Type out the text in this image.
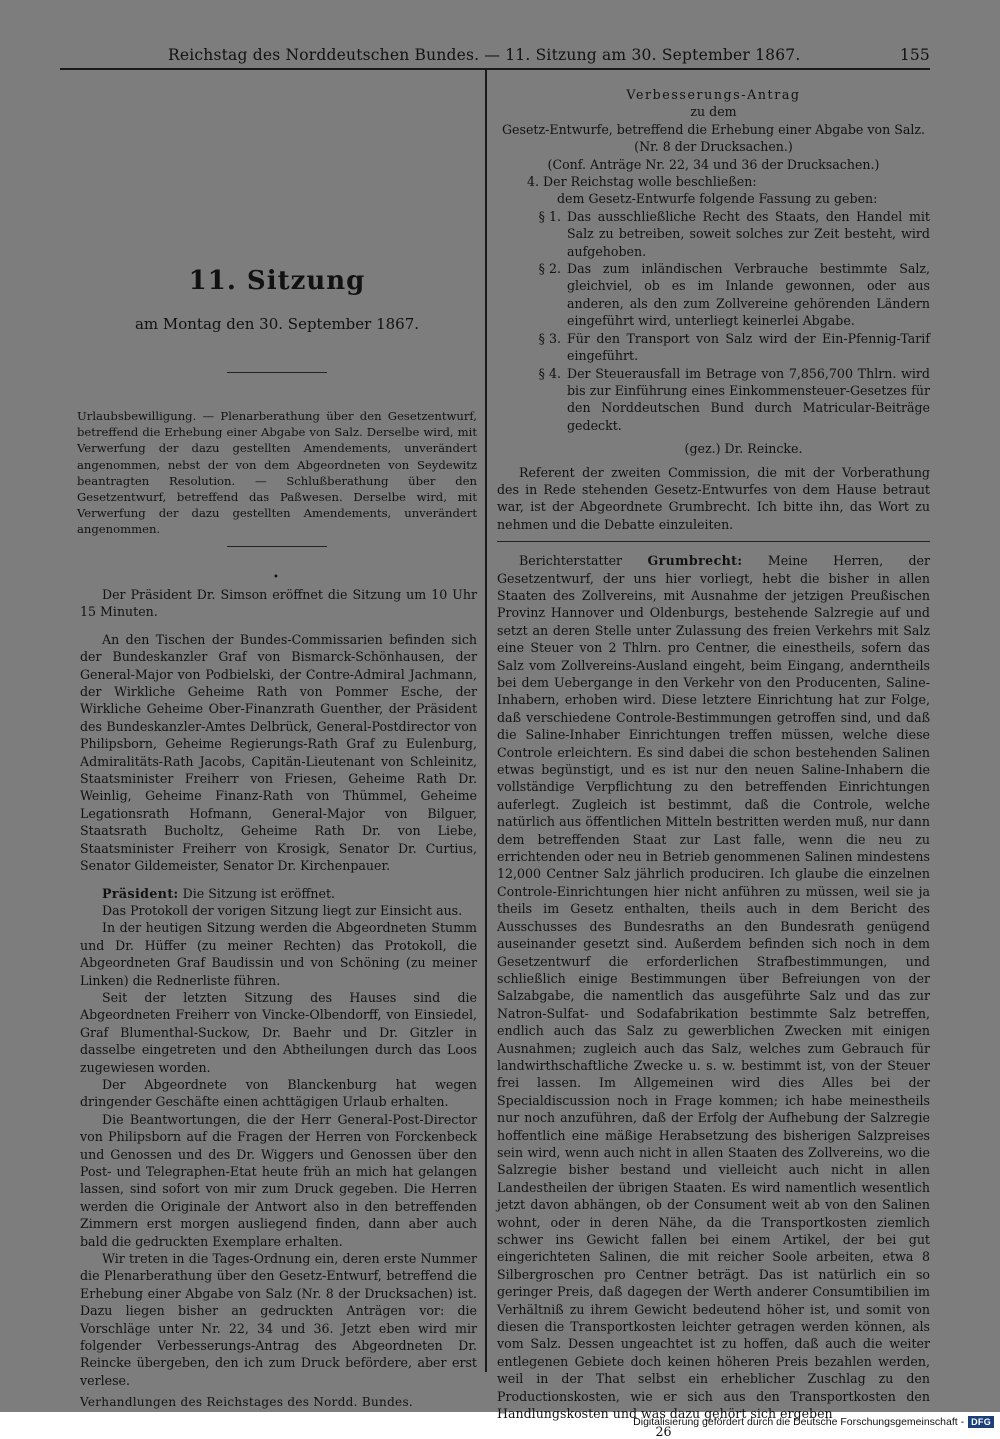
Reichstag des Norddeutschen Bundes. — 11. Sitzung am 30. September 1867.	155
11. Sitzung
am Montag den 30. September 1867.
Urlaubsbewilligung. — Plenarberathung über den Gesetzentwurf, betreffend die Erhebung einer Abgabe von Salz. Derselbe wird, mit Verwerfung der dazu gestellten Amendements, unverändert angenommen, nebst der von dem Abgeordneten von Seydewitz beantragten Resolution. — Schlußberathung über den Gesetzentwurf, betreffend das Paßwesen. Derselbe wird, mit Verwerfung der dazu gestellten Amendements, unverändert angenommen.
•

Der Präsident Dr. Simson eröffnet die Sitzung um 10 Uhr 15 Minuten.

An den Tischen der Bundes-Commissarien befinden sich der Bundeskanzler Graf von Bismarck-Schönhausen, der General-Major von Podbielski, der Contre-Admiral Jachmann, der Wirkliche Geheime Rath von Pommer Esche, der Wirkliche Geheime Ober-Finanzrath Guenther, der Präsident des Bundeskanzler-Amtes Delbrück, General-Postdirector von Philipsborn, Geheime Regierungs-Rath Graf zu Eulenburg, Admiralitäts-Rath Jacobs, Capitän-Lieutenant von Schleinitz, Staatsminister Freiherr von Friesen, Geheime Rath Dr. Weinlig, Geheime Finanz-Rath von Thümmel, Geheime Legationsrath Hofmann, General-Major von Bilguer, Staatsrath Bucholtz, Geheime Rath Dr. von Liebe, Staatsminister Freiherr von Krosigk, Senator Dr. Curtius, Senator Gildemeister, Senator Dr. Kirchenpauer.

Präsident: Die Sitzung ist eröffnet.

Das Protokoll der vorigen Sitzung liegt zur Einsicht aus.

In der heutigen Sitzung werden die Abgeordneten Stumm und Dr. Hüffer (zu meiner Rechten) das Protokoll, die Abgeordneten Graf Baudissin und von Schöning (zu meiner Linken) die Rednerliste führen.

Seit der letzten Sitzung des Hauses sind die Abgeordneten Freiherr von Vincke-Olbendorff, von Einsiedel, Graf Blumenthal-Suckow, Dr. Baehr und Dr. Gitzler in dasselbe eingetreten und den Abtheilungen durch das Loos zugewiesen worden.

Der Abgeordnete von Blanckenburg hat wegen dringender Geschäfte einen achttägigen Urlaub erhalten.

Die Beantwortungen, die der Herr General-Post-Director von Philipsborn auf die Fragen der Herren von Forckenbeck und Genossen und des Dr. Wiggers und Genossen über den Post- und Telegraphen-Etat heute früh an mich hat gelangen lassen, sind sofort von mir zum Druck gegeben. Die Herren werden die Originale der Antwort also in den betreffenden Zimmern erst morgen ausliegend finden, dann aber auch bald die gedruckten Exemplare erhalten.

Wir treten in die Tages-Ordnung ein, deren erste Nummer die Plenarberathung über den Gesetz-Entwurf, betreffend die Erhebung einer Abgabe von Salz (Nr. 8 der Drucksachen) ist. Dazu liegen bisher an gedruckten Anträgen vor: die Vorschläge unter Nr. 22, 34 und 36. Jetzt eben wird mir folgender Verbesserungs-Antrag des Abgeordneten Dr. Reincke übergeben, den ich zum Druck befördere, aber erst verlese.

Verhandlungen des Reichstages des Nordd. Bundes.

Verbesserungs-Antrag

zu dem

Gesetz-Entwurfe, betreffend die Erhebung einer Abgabe von Salz.

(Nr. 8 der Drucksachen.)

(Conf. Anträge Nr. 22, 34 und 36 der Drucksachen.)

4. Der Reichstag wolle beschließen:

dem Gesetz-Entwurfe folgende Fassung zu geben:

§ 1. Das ausschließliche Recht des Staats, den Handel mit Salz zu betreiben, soweit solches zur Zeit besteht, wird aufgehoben.
§ 2. Das zum inländischen Verbrauche bestimmte Salz, gleichviel, ob es im Inlande gewonnen, oder aus anderen, als den zum Zollvereine gehörenden Ländern eingeführt wird, unterliegt keinerlei Abgabe.
§ 3. Für den Transport von Salz wird der Ein-Pfennig-Tarif eingeführt.
§ 4. Der Steuerausfall im Betrage von 7,856,700 Thlrn. wird bis zur Einführung eines Einkommensteuer-Gesetzes für den Norddeutschen Bund durch Matricular-Beiträge gedeckt.

(gez.) Dr. Reincke.

Referent der zweiten Commission, die mit der Vorberathung des in Rede stehenden Gesetz-Entwurfes von dem Hause betraut war, ist der Abgeordnete Grumbrecht. Ich bitte ihn, das Wort zu nehmen und die Debatte einzuleiten.

Berichterstatter Grumbrecht: Meine Herren, der Gesetzentwurf, der uns hier vorliegt, hebt die bisher in allen Staaten des Zollvereins, mit Ausnahme der jetzigen Preußischen Provinz Hannover und Oldenburgs, bestehende Salzregie auf und setzt an deren Stelle unter Zulassung des freien Verkehrs mit Salz eine Steuer von 2 Thlrn. pro Centner, die einestheils, sofern das Salz vom Zollvereins-Ausland eingeht, beim Eingang, anderntheils bei dem Uebergange in den Verkehr von den Producenten, Saline-Inhabern, erhoben wird. Diese letztere Einrichtung hat zur Folge, daß verschiedene Controle-Bestimmungen getroffen sind, und daß die Saline-Inhaber Einrichtungen treffen müssen, welche diese Controle erleichtern. Es sind dabei die schon bestehenden Salinen etwas begünstigt, und es ist nur den neuen Saline-Inhabern die vollständige Verpflichtung zu den betreffenden Einrichtungen auferlegt. Zugleich ist bestimmt, daß die Controle, welche natürlich aus öffentlichen Mitteln bestritten werden muß, nur dann dem betreffenden Staat zur Last falle, wenn die neu zu errichtenden oder neu in Betrieb genommenen Salinen mindestens 12,000 Centner Salz jährlich produciren. Ich glaube die einzelnen Controle-Einrichtungen hier nicht anführen zu müssen, weil sie ja theils im Gesetz enthalten, theils auch in dem Bericht des Ausschusses des Bundesraths an den Bundesrath genügend auseinander gesetzt sind. Außerdem befinden sich noch in dem Gesetzentwurf die erforderlichen Strafbestimmungen, und schließlich einige Bestimmungen über Befreiungen von der Salzabgabe, die namentlich das ausgeführte Salz und das zur Natron-Sulfat- und Sodafabrikation bestimmte Salz betreffen, endlich auch das Salz zu gewerblichen Zwecken mit einigen Ausnahmen; zugleich auch das Salz, welches zum Gebrauch für landwirthschaftliche Zwecke u. s. w. bestimmt ist, von der Steuer frei lassen. Im Allgemeinen wird dies Alles bei der Specialdiscussion noch in Frage kommen; ich habe meinestheils nur noch anzuführen, daß der Erfolg der Aufhebung der Salzregie hoffentlich eine mäßige Herabsetzung des bisherigen Salzpreises sein wird, wenn auch nicht in allen Staaten des Zollvereins, wo die Salzregie bisher bestand und vielleicht auch nicht in allen Landestheilen der übrigen Staaten. Es wird namentlich wesentlich jetzt davon abhängen, ob der Consument weit ab von den Salinen wohnt, oder in deren Nähe, da die Transportkosten ziemlich schwer ins Gewicht fallen bei einem Artikel, der bei gut eingerichteten Salinen, die mit reicher Soole arbeiten, etwa 8 Silbergroschen pro Centner beträgt. Das ist natürlich ein so geringer Preis, daß dagegen der Werth anderer Consumtibilien im Verhältniß zu ihrem Gewicht bedeutend höher ist, und somit von diesen die Transportkosten leichter getragen werden können, als vom Salz. Dessen ungeachtet ist zu hoffen, daß auch die weiter entlegenen Gebiete doch keinen höheren Preis bezahlen werden, weil in der That selbst ein erheblicher Zuschlag zu den Productionskosten, wie er sich aus den Transportkosten den Handlungskosten und was dazu gehört sich ergeben

26
Digitalisierung gefördert durch die Deutsche Forschungsgemeinschaft - DFG
